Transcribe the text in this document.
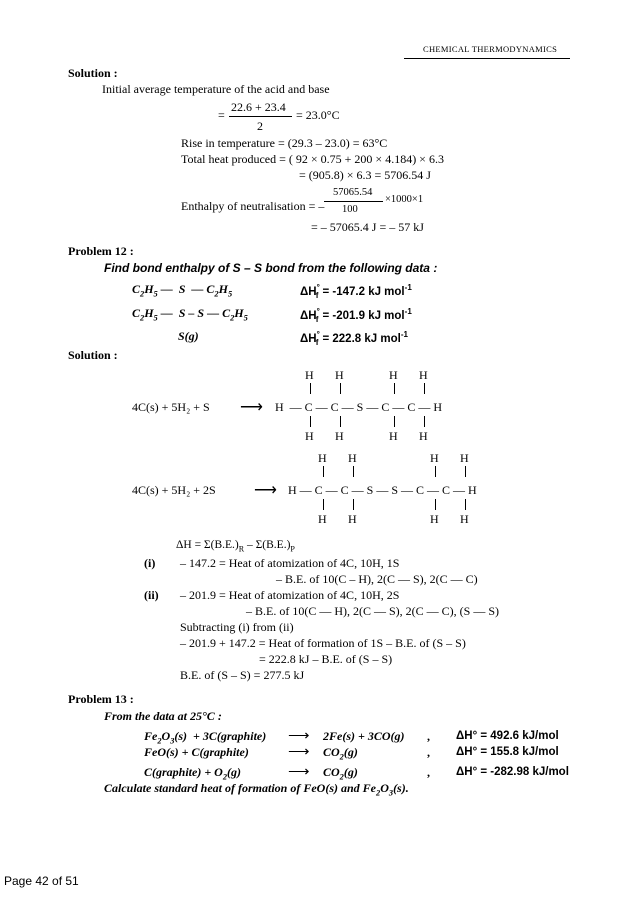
CHEMICAL THERMODYNAMICS
Solution :
Initial average temperature of the acid and base
=
22.6 + 23.4
2
= 23.0°C
Rise in temperature = (29.3 – 23.0) = 63°C
Total heat produced = ( 92 × 0.75 + 200 × 4.184) × 6.3
= (905.8) × 6.3 = 5706.54 J
Enthalpy of neutralisation = –
57065.54
100
×1000×1
= – 57065.4 J = – 57 kJ
Problem 12 :
Find bond enthalpy of S – S bond from the following data :
$C_2H_5$ —  S  — $C_2H_5$	$\Delta H^\circ_f = -147.2$ kJ mol$^{-1}$
$C_2H_5$ —  S – S — $C_2H_5$	$\Delta H^\circ_f = -201.9$ kJ mol$^{-1}$
S(g)	$\Delta H^\circ_f = 222.8$ kJ mol$^{-1}$
Solution :
4C(s) + 5H₂ + S ⟶ H  — C — C — S — C — C — H
H H	H H
H H	H H
4C(s) + 5H₂ + 2S ⟶ H — C — C — S — S — C — C — H
H H	H H
H H	H H
$\Delta H = \Sigma(B.E.)_R - \Sigma(B.E.)_P$
(i) – 147.2 = Heat of atomization of 4C, 10H, 1S
– B.E. of 10(C – H), 2(C — S), 2(C — C)
(ii) – 201.9 = Heat of atomization of 4C, 10H, 2S
– B.E. of 10(C — H), 2(C — S), 2(C — C), (S — S)
Subtracting (i) from (ii)
– 201.9 + 147.2 = Heat of formation of 1S – B.E. of (S – S)
= 222.8 kJ – B.E. of (S – S)
B.E. of (S – S) = 277.5 kJ
Problem 13 :
From the data at 25°C :
$Fe_2O_3(s)$  + 3C(graphite) ⟶ 2Fe(s) + 3CO(g) , ΔH° = 492.6 kJ/mol
FeO(s) + C(graphite)	⟶ $CO_2(g)$	, ΔH° = 155.8 kJ/mol
C(graphite) + $O_2(g)$	⟶ $CO_2(g)$	, ΔH° = -282.98 kJ/mol
Calculate standard heat of formation of FeO(s) and $Fe_2O_3(s)$.
Page 42 of 51
